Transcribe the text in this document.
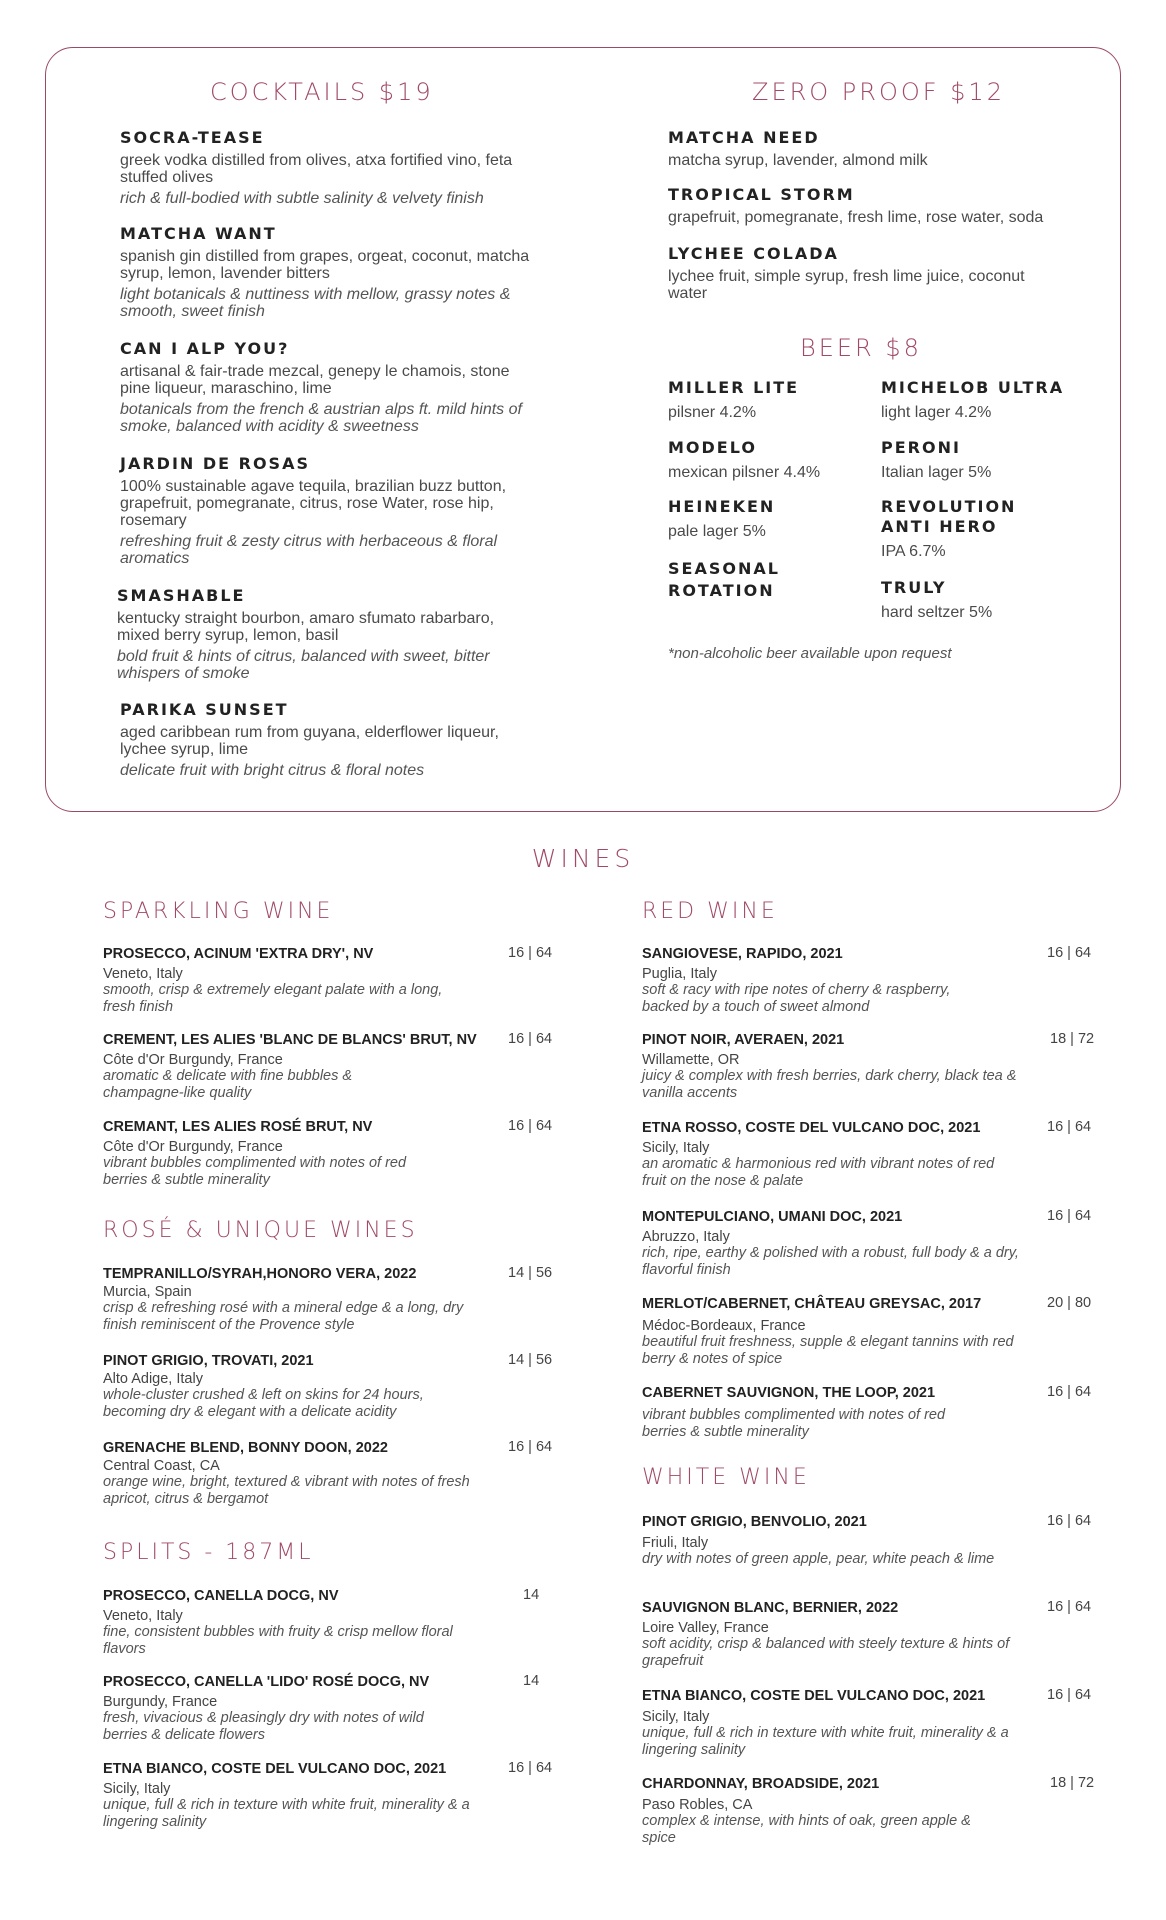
COCKTAILS $19	ZERO PROOF $12
BEER $8
SOCRA-TEASE
greek vodka distilled from olives, atxa fortified vino, feta stuffed olives
rich & full-bodied with subtle salinity & velvety finish
MATCHA WANT
spanish gin distilled from grapes, orgeat, coconut, matcha syrup, lemon, lavender bitters
light botanicals & nuttiness with mellow, grassy notes & smooth, sweet finish
CAN I ALP YOU?
artisanal & fair-trade mezcal, genepy le chamois, stone pine liqueur, maraschino, lime
botanicals from the french & austrian alps ft. mild hints of smoke, balanced with acidity & sweetness
JARDIN DE ROSAS
100% sustainable agave tequila, brazilian buzz button, grapefruit, pomegranate, citrus, rose Water, rose hip, rosemary
refreshing fruit & zesty citrus with herbaceous & floral aromatics
SMASHABLE
kentucky straight bourbon, amaro sfumato rabarbaro, mixed berry syrup, lemon, basil
bold fruit & hints of citrus, balanced with sweet, bitter whispers of smoke
PARIKA SUNSET
aged caribbean rum from guyana, elderflower liqueur, lychee syrup, lime
delicate fruit with bright citrus & floral notes
MATCHA NEED
matcha syrup, lavender, almond milk
TROPICAL STORM
grapefruit, pomegranate, fresh lime, rose water, soda
LYCHEE COLADA
lychee fruit, simple syrup, fresh lime juice, coconut water
MILLER LITE
pilsner 4.2%
MODELO
mexican pilsner 4.4%
HEINEKEN
pale lager 5%
SEASONAL
ROTATION
MICHELOB ULTRA
light lager 4.2%
PERONI
Italian lager 5%
REVOLUTION
ANTI HERO
IPA 6.7%
TRULY
hard seltzer 5%
*non-alcoholic beer available upon request
WINES
SPARKLING WINE
PROSECCO, ACINUM 'EXTRA DRY', NV	16 | 64
Veneto, Italy
smooth, crisp & extremely elegant palate with a long, fresh finish
CREMENT, LES ALIES 'BLANC DE BLANCS' BRUT, NV	16 | 64
Côte d'Or Burgundy, France
aromatic & delicate with fine bubbles & champagne-like quality
CREMANT, LES ALIES ROSÉ BRUT, NV	16 | 64
Côte d'Or Burgundy, France
vibrant bubbles complimented with notes of red berries & subtle minerality
ROSÉ & UNIQUE WINES
TEMPRANILLO/SYRAH,HONORO VERA, 2022	14 | 56
Murcia, Spain
crisp & refreshing rosé with a mineral edge & a long, dry finish reminiscent of the Provence style
PINOT GRIGIO, TROVATI, 2021	14 | 56
Alto Adige, Italy
whole-cluster crushed & left on skins for 24 hours, becoming dry & elegant with a delicate acidity
GRENACHE BLEND, BONNY DOON, 2022	16 | 64
Central Coast, CA
orange wine, bright, textured & vibrant with notes of fresh apricot, citrus & bergamot
SPLITS - 187ML
PROSECCO, CANELLA DOCG, NV	14
Veneto, Italy
fine, consistent bubbles with fruity & crisp mellow floral flavors
PROSECCO, CANELLA 'LIDO' ROSÉ DOCG, NV	14
Burgundy, France
fresh, vivacious & pleasingly dry with notes of wild berries & delicate flowers
ETNA BIANCO, COSTE DEL VULCANO DOC, 2021	16 | 64
Sicily, Italy
unique, full & rich in texture with white fruit, minerality & a lingering salinity
RED WINE
SANGIOVESE, RAPIDO, 2021	16 | 64
Puglia, Italy
soft & racy with ripe notes of cherry & raspberry, backed by a touch of sweet almond
PINOT NOIR, AVERAEN, 2021	18 | 72
Willamette, OR
juicy & complex with fresh berries, dark cherry, black tea & vanilla accents
ETNA ROSSO, COSTE DEL VULCANO DOC, 2021	16 | 64
Sicily, Italy
an aromatic & harmonious red with vibrant notes of red fruit on the nose & palate
MONTEPULCIANO, UMANI DOC, 2021	16 | 64
Abruzzo, Italy
rich, ripe, earthy & polished with a robust, full body & a dry, flavorful finish
MERLOT/CABERNET, CHÂTEAU GREYSAC, 2017	20 | 80
Médoc-Bordeaux, France
beautiful fruit freshness, supple & elegant tannins with red berry & notes of spice
CABERNET SAUVIGNON, THE LOOP, 2021	16 | 64
vibrant bubbles complimented with notes of red berries & subtle minerality
WHITE WINE
PINOT GRIGIO, BENVOLIO, 2021	16 | 64
Friuli, Italy
dry with notes of green apple, pear, white peach & lime
SAUVIGNON BLANC, BERNIER, 2022	16 | 64
Loire Valley, France
soft acidity, crisp & balanced with steely texture & hints of grapefruit
ETNA BIANCO, COSTE DEL VULCANO DOC, 2021	16 | 64
Sicily, Italy
unique, full & rich in texture with white fruit, minerality & a lingering salinity
CHARDONNAY, BROADSIDE, 2021	18 | 72
Paso Robles, CA
complex & intense, with hints of oak, green apple & spice
